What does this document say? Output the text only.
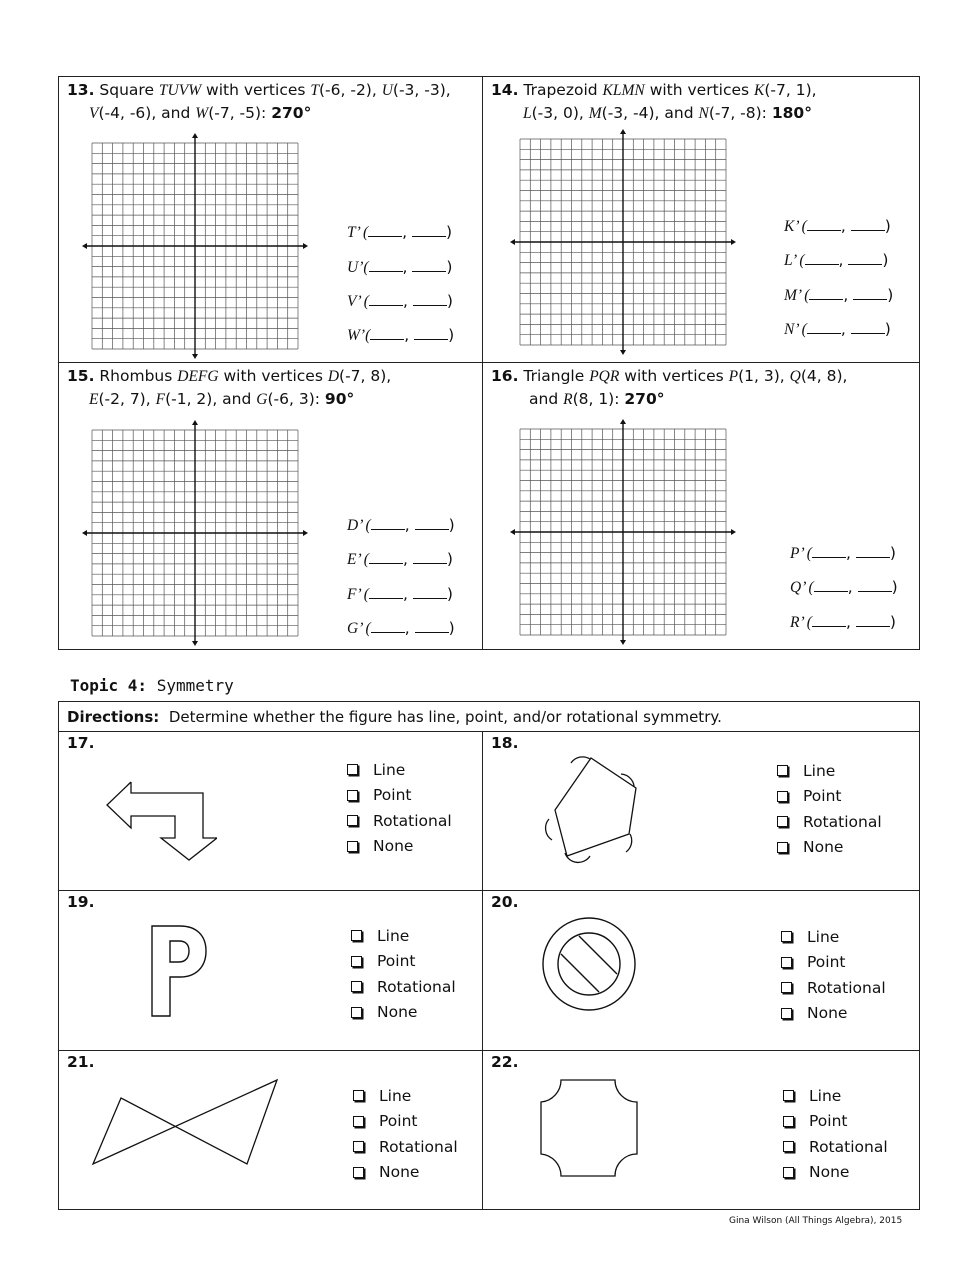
13. Square TUVW with vertices T(-6, -2), U(-3, -3),
V(-4, -6), and W(-7, -5): 270°
T’ ( ,	)
U’( ,	)
V’ ( ,	)
W’( ,	)
14. Trapezoid KLMN with vertices K(-7, 1),
L(-3, 0), M(-3, -4), and N(-7, -8): 180°
K’ ( ,	)
L’ ( ,	)
M’ ( ,	)
N’ ( ,	)
15. Rhombus DEFG with vertices D(-7, 8),
E(-2, 7), F(-1, 2), and G(-6, 3): 90°
D’ ( ,	)
E’ ( ,	)
F’ ( ,	)
G’ ( ,	)
16. Triangle PQR with vertices P(1, 3), Q(4, 8),
and R(8, 1): 270°
P’ ( ,	)
Q’ ( ,	)
R’ ( ,	)
Topic 4: Symmetry
Directions: Determine whether the figure has line, point, and/or rotational symmetry.
17.	18.
19.	20.
21.	22.
Line
Point
Rotational
None
Line
Point
Rotational
None
Line
Point
Rotational
None
Line
Point
Rotational
None
Line
Point
Rotational
None
Line
Point
Rotational
None
Gina Wilson (All Things Algebra), 2015
